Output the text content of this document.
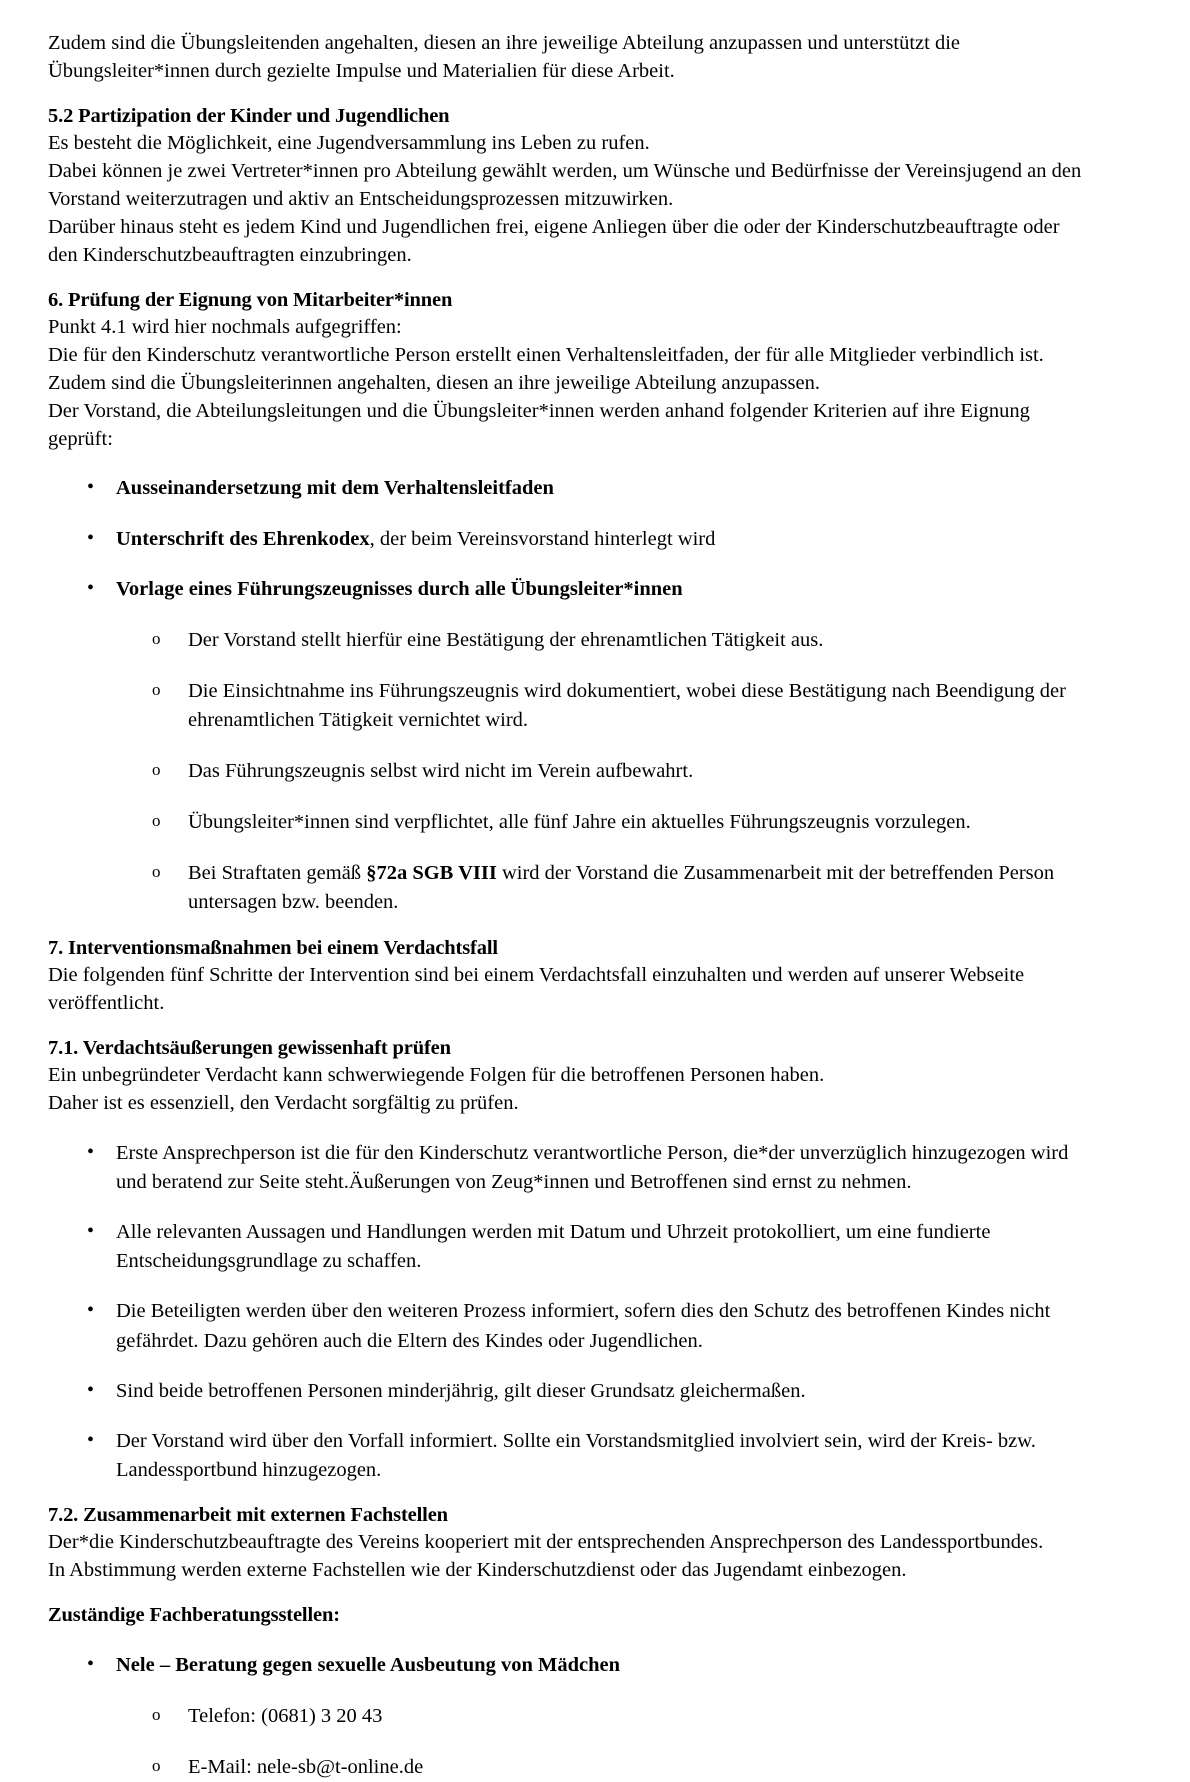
Zudem sind die Übungsleitenden angehalten, diesen an ihre jeweilige Abteilung anzupassen und unterstützt die

Übungsleiter*innen durch gezielte Impulse und Materialien für diese Arbeit.

5.2 Partizipation der Kinder und Jugendlichen

Es besteht die Möglichkeit, eine Jugendversammlung ins Leben zu rufen.

Dabei können je zwei Vertreter*innen pro Abteilung gewählt werden, um Wünsche und Bedürfnisse der Vereinsjugend an den Vorstand weiterzutragen und aktiv an Entscheidungsprozessen mitzuwirken.

Darüber hinaus steht es jedem Kind und Jugendlichen frei, eigene Anliegen über die oder der Kinderschutzbeauftragte oder den Kinderschutzbeauftragten einzubringen.

6. Prüfung der Eignung von Mitarbeiter*innen

Punkt 4.1 wird hier nochmals aufgegriffen:

Die für den Kinderschutz verantwortliche Person erstellt einen Verhaltensleitfaden, der für alle Mitglieder verbindlich ist.

Zudem sind die Übungsleiterinnen angehalten, diesen an ihre jeweilige Abteilung anzupassen.

Der Vorstand, die Abteilungsleitungen und die Übungsleiter*innen werden anhand folgender Kriterien auf ihre Eignung geprüft:

• Ausseinandersetzung mit dem Verhaltensleitfaden
• Unterschrift des Ehrenkodex, der beim Vereinsvorstand hinterlegt wird
• Vorlage eines Führungszeugnisses durch alle Übungsleiter*innen
o Der Vorstand stellt hierfür eine Bestätigung der ehrenamtlichen Tätigkeit aus.
o Die Einsichtnahme ins Führungszeugnis wird dokumentiert, wobei diese Bestätigung nach Beendigung der ehrenamtlichen Tätigkeit vernichtet wird.
o Das Führungszeugnis selbst wird nicht im Verein aufbewahrt.
o Übungsleiter*innen sind verpflichtet, alle fünf Jahre ein aktuelles Führungszeugnis vorzulegen.
o Bei Straftaten gemäß §72a SGB VIII wird der Vorstand die Zusammenarbeit mit der betreffenden Person untersagen bzw. beenden.
7. Interventionsmaßnahmen bei einem Verdachtsfall

Die folgenden fünf Schritte der Intervention sind bei einem Verdachtsfall einzuhalten und werden auf unserer Webseite veröffentlicht.

7.1. Verdachtsäußerungen gewissenhaft prüfen

Ein unbegründeter Verdacht kann schwerwiegende Folgen für die betroffenen Personen haben.

Daher ist es essenziell, den Verdacht sorgfältig zu prüfen.

• Erste Ansprechperson ist die für den Kinderschutz verantwortliche Person, die*der unverzüglich hinzugezogen wird und beratend zur Seite steht.Äußerungen von Zeug*innen und Betroffenen sind ernst zu nehmen.
• Alle relevanten Aussagen und Handlungen werden mit Datum und Uhrzeit protokolliert, um eine fundierte Entscheidungsgrundlage zu schaffen.
• Die Beteiligten werden über den weiteren Prozess informiert, sofern dies den Schutz des betroffenen Kindes nicht gefährdet. Dazu gehören auch die Eltern des Kindes oder Jugendlichen.
• Sind beide betroffenen Personen minderjährig, gilt dieser Grundsatz gleichermaßen.
• Der Vorstand wird über den Vorfall informiert. Sollte ein Vorstandsmitglied involviert sein, wird der Kreis- bzw. Landessportbund hinzugezogen.
7.2. Zusammenarbeit mit externen Fachstellen

Der*die Kinderschutzbeauftragte des Vereins kooperiert mit der entsprechenden Ansprechperson des Landessportbundes.

In Abstimmung werden externe Fachstellen wie der Kinderschutzdienst oder das Jugendamt einbezogen.

Zuständige Fachberatungsstellen:
• Nele – Beratung gegen sexuelle Ausbeutung von Mädchen
o Telefon: (0681) 3 20 43
o E-Mail: nele-sb@t-online.de
